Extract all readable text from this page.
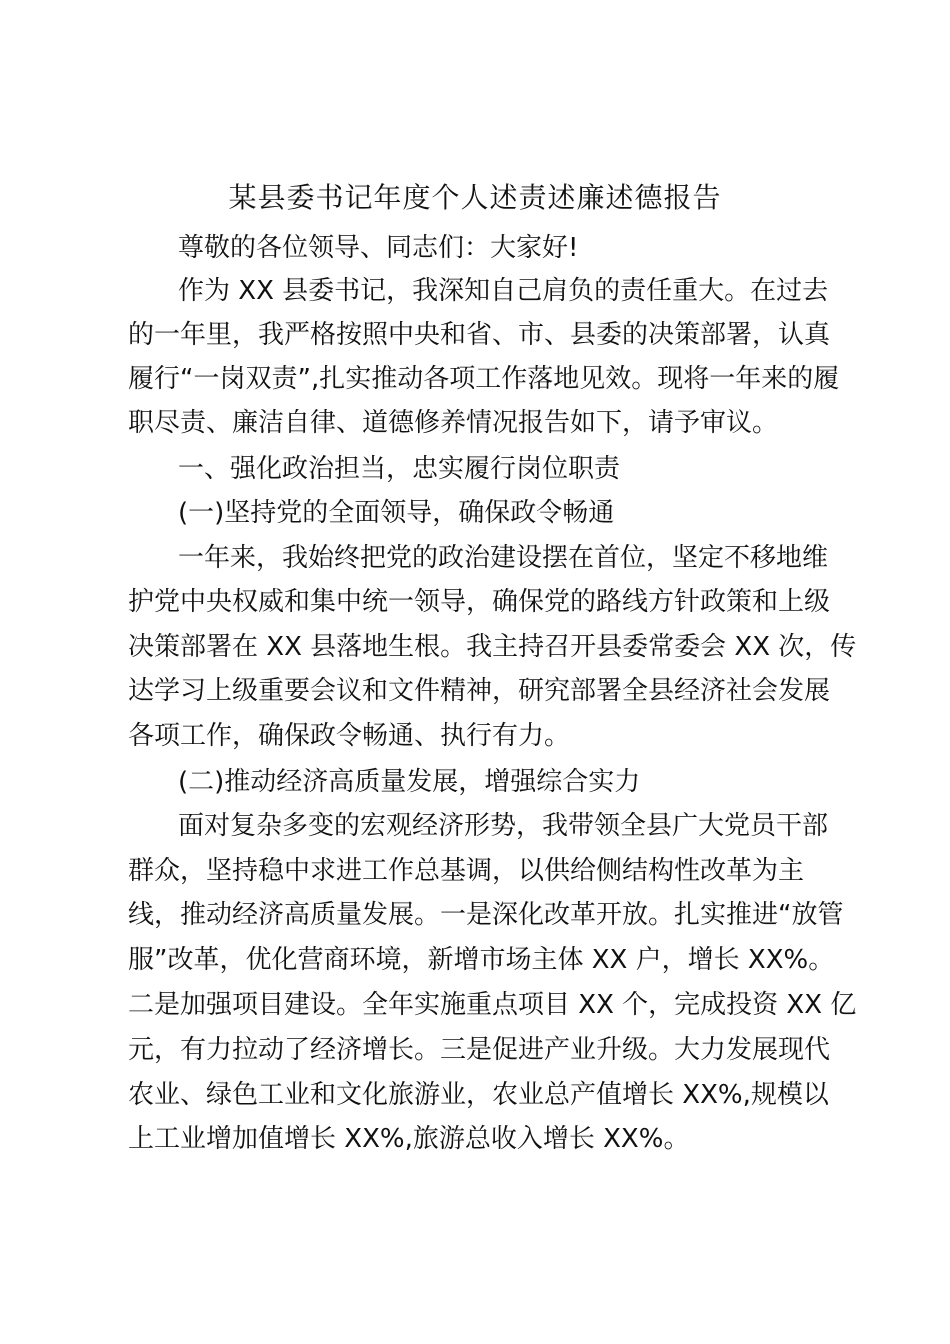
某县委书记年度个人述责述廉述德报告
尊敬的各位领导、同志们：大家好!
作为 XX 县委书记，我深知自己肩负的责任重大。在过去
的一年里，我严格按照中央和省、市、县委的决策部署，认真
履行“一岗双责”,扎实推动各项工作落地见效。现将一年来的履
职尽责、廉洁自律、道德修养情况报告如下，请予审议。
一、强化政治担当，忠实履行岗位职责
(一)坚持党的全面领导，确保政令畅通
一年来，我始终把党的政治建设摆在首位，坚定不移地维
护党中央权威和集中统一领导，确保党的路线方针政策和上级
决策部署在 XX 县落地生根。我主持召开县委常委会 XX 次，传
达学习上级重要会议和文件精神，研究部署全县经济社会发展
各项工作，确保政令畅通、执行有力。
(二)推动经济高质量发展，增强综合实力
面对复杂多变的宏观经济形势，我带领全县广大党员干部
群众，坚持稳中求进工作总基调，以供给侧结构性改革为主
线，推动经济高质量发展。一是深化改革开放。扎实推进“放管
服”改革，优化营商环境，新增市场主体 XX 户，增长 XX%。
二是加强项目建设。全年实施重点项目 XX 个，完成投资 XX 亿
元，有力拉动了经济增长。三是促进产业升级。大力发展现代
农业、绿色工业和文化旅游业，农业总产值增长 XX%,规模以
上工业增加值增长 XX%,旅游总收入增长 XX%。
